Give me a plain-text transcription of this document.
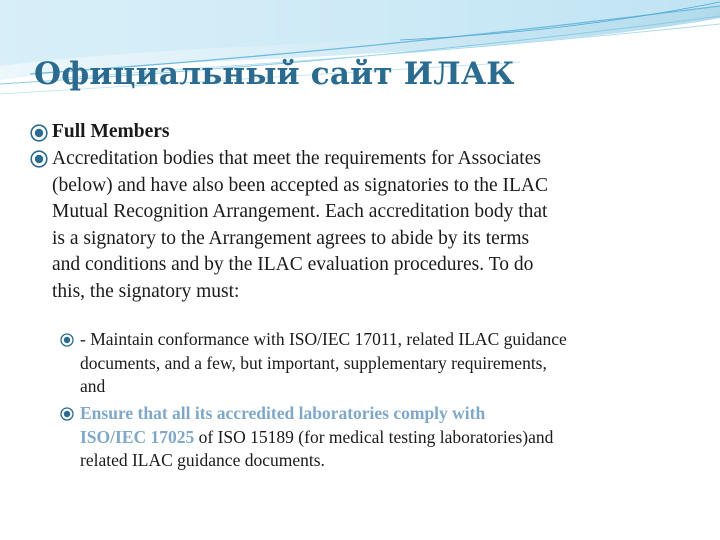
Официальный сайт ИЛАК

Full Members

Accreditation bodies that meet the requirements for Associates
(below) and have also been accepted as signatories to the ILAC
Mutual Recognition Arrangement. Each accreditation body that
is a signatory to the Arrangement agrees to abide by its terms
and conditions and by the ILAC evaluation procedures. To do
this, the signatory must:

- Maintain conformance with ISO/IEC 17011, related ILAC guidance
documents, and a few, but important, supplementary requirements,
and

Ensure that all its accredited laboratories comply with
ISO/IEC 17025 of ISO 15189 (for medical testing laboratories)and
related ILAC guidance documents.
